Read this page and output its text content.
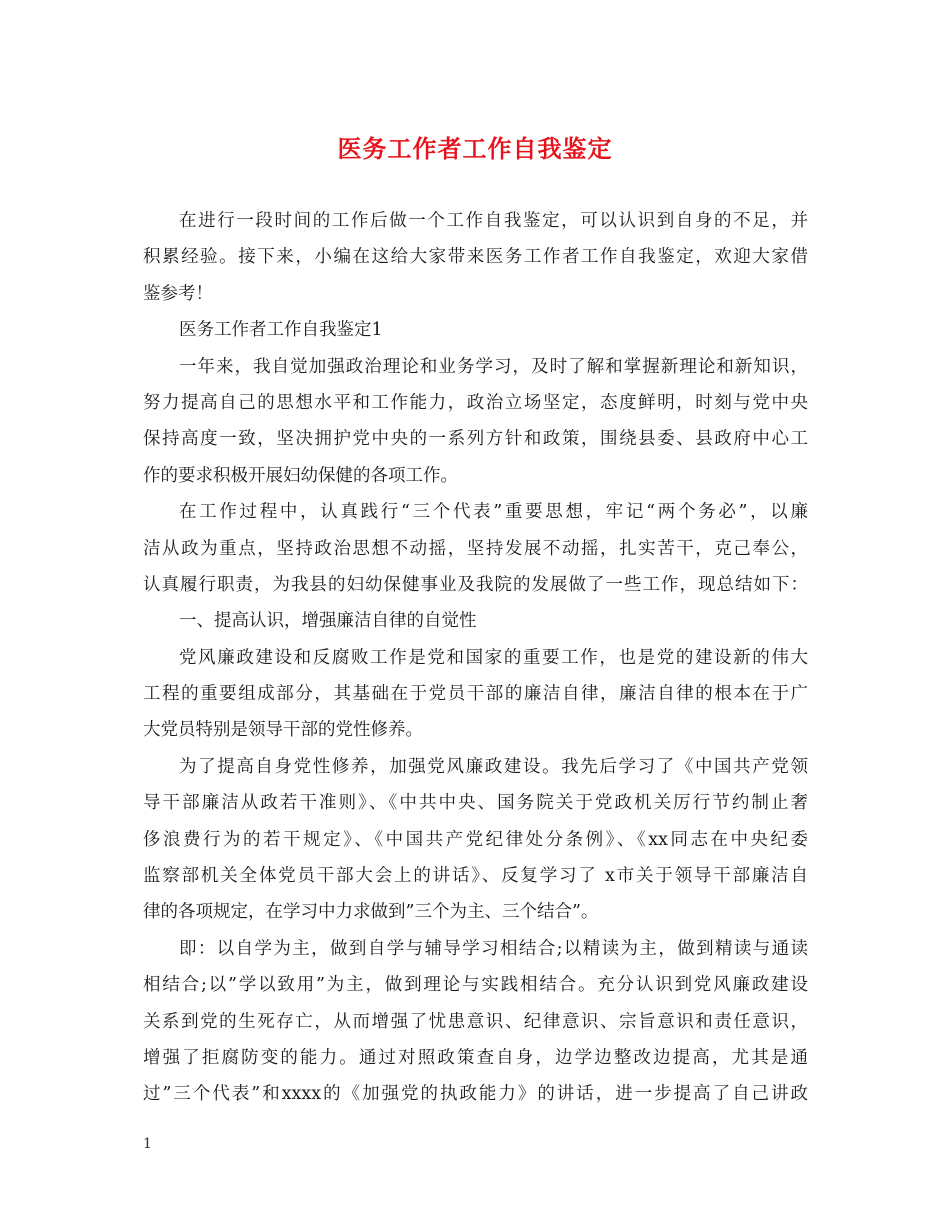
医务工作者工作自我鉴定
在进行一段时间的工作后做一个工作自我鉴定，可以认识到自身的不足，并
积累经验。接下来，小编在这给大家带来医务工作者工作自我鉴定，欢迎大家借
鉴参考！
医务工作者工作自我鉴定1
一年来，我自觉加强政治理论和业务学习，及时了解和掌握新理论和新知识，
努力提高自己的思想水平和工作能力，政治立场坚定，态度鲜明，时刻与党中央
保持高度一致，坚决拥护党中央的一系列方针和政策，围绕县委、县政府中心工
作的要求积极开展妇幼保健的各项工作。
在工作过程中，认真践行“三个代表”重要思想，牢记“两个务必”，以廉
洁从政为重点，坚持政治思想不动摇，坚持发展不动摇，扎实苦干，克己奉公，
认真履行职责，为我县的妇幼保健事业及我院的发展做了一些工作，现总结如下：
一、提高认识，增强廉洁自律的自觉性
党风廉政建设和反腐败工作是党和国家的重要工作，也是党的建设新的伟大
工程的重要组成部分，其基础在于党员干部的廉洁自律，廉洁自律的根本在于广
大党员特别是领导干部的党性修养。
为了提高自身党性修养，加强党风廉政建设。我先后学习了《中国共产党领
导干部廉洁从政若干准则》、《中共中央、国务院关于党政机关厉行节约制止奢
侈浪费行为的若干规定》、《中国共产党纪律处分条例》、《xx同志在中央纪委
监察部机关全体党员干部大会上的讲话》、反复学习了 x市关于领导干部廉洁自
律的各项规定，在学习中力求做到”三个为主、三个结合”。
即：以自学为主，做到自学与辅导学习相结合;以精读为主，做到精读与通读
相结合;以”学以致用”为主，做到理论与实践相结合。充分认识到党风廉政建设
关系到党的生死存亡，从而增强了忧患意识、纪律意识、宗旨意识和责任意识，
增强了拒腐防变的能力。通过对照政策查自身，边学边整改边提高，尤其是通
过”三个代表”和xxxx的《加强党的执政能力》的讲话，进一步提高了自己讲政
1
